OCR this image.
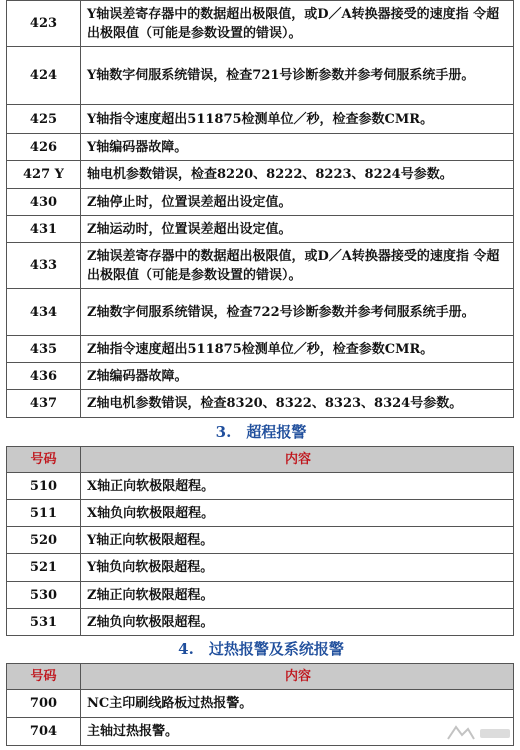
423	Y轴误差寄存器中的数据超出极限值，或D／A转换器接受的速度指 令超出极限值（可能是参数设置的错误）。
424	Y轴数字伺服系统错误，检查721号诊断参数并参考伺服系统手册。
425	Y轴指令速度超出511875检测单位／秒，检查参数CMR。
426	Y轴编码器故障。
427 Y	轴电机参数错误，检查8220、8222、8223、8224号参数。
430	Z轴停止时，位置误差超出设定值。
431	Z轴运动时，位置误差超出设定值。
433	Z轴误差寄存器中的数据超出极限值，或D／A转换器接受的速度指 令超出极限值（可能是参数设置的错误）。
434	Z轴数字伺服系统错误，检查722号诊断参数并参考伺服系统手册。
435	Z轴指令速度超出511875检测单位／秒，检查参数CMR。
436	Z轴编码器故障。
437	Z轴电机参数错误，检查8320、8322、8323、8324号参数。
3.　超程报警	
号码	内容
510	X轴正向软极限超程。
511	X轴负向软极限超程。
520	Y轴正向软极限超程。
521	Y轴负向软极限超程。
530	Z轴正向软极限超程。
531	Z轴负向软极限超程。
4.　过热报警及系统报警	
号码	内容
700	NC主印刷线路板过热报警。
704	主轴过热报警。
